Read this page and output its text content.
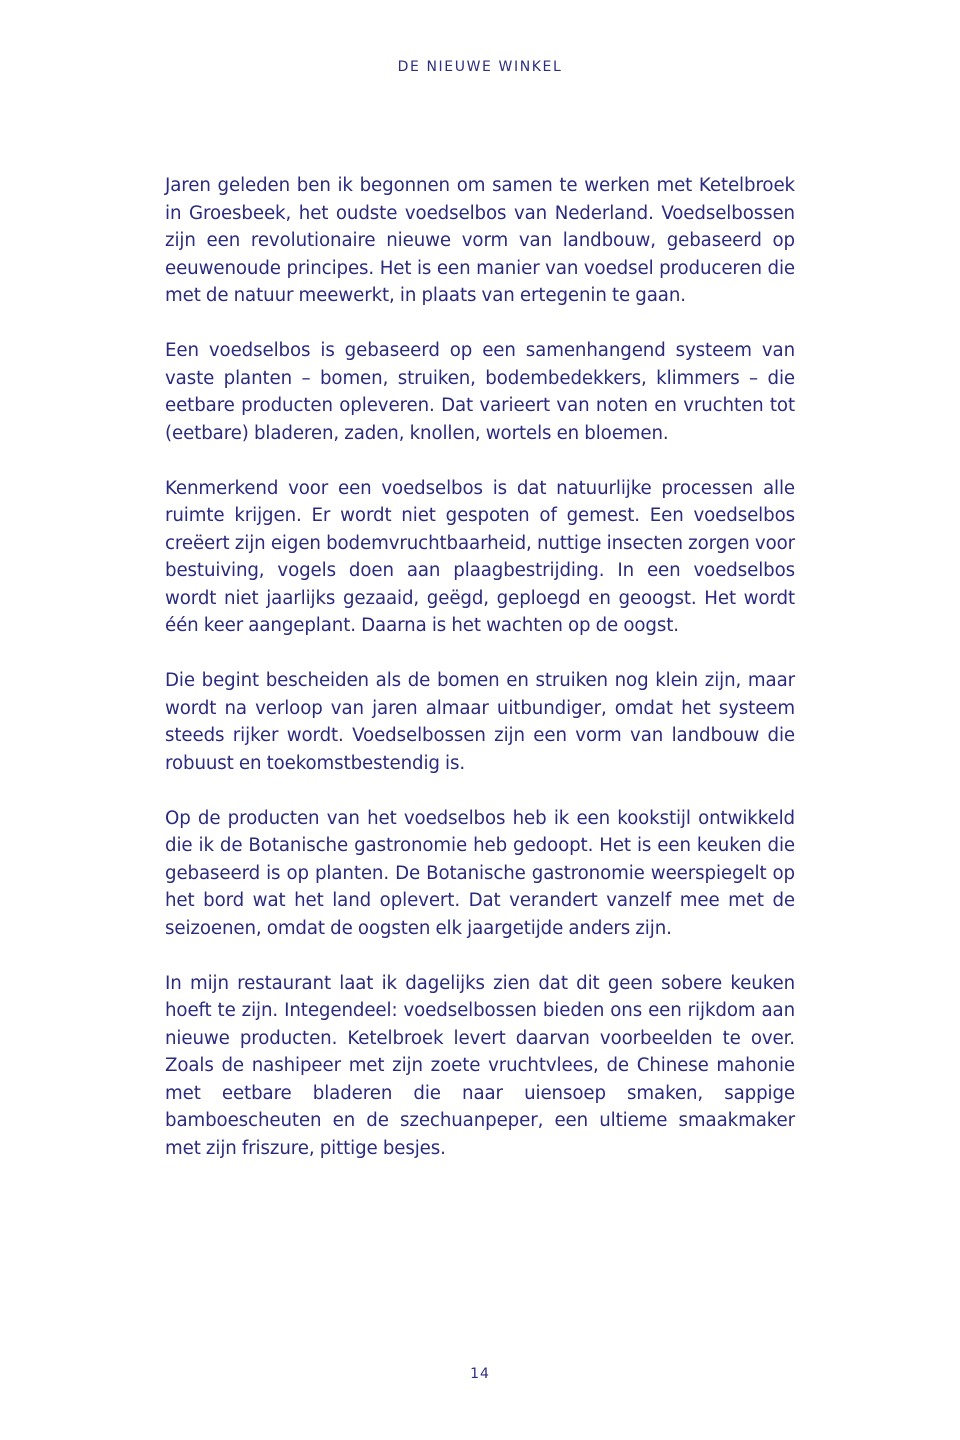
DE NIEUWE WINKEL

Jaren geleden ben ik begonnen om samen te werken met Ketelbroek in Groesbeek, het oudste voedselbos van Nederland. Voedselbossen zijn een revolutionaire nieuwe vorm van landbouw, gebaseerd op eeuwenoude principes. Het is een manier van voedsel produceren die met de natuur meewerkt, in plaats van ertegenin te gaan.

Een voedselbos is gebaseerd op een samenhangend systeem van vaste planten – bomen, struiken, bodembedekkers, klimmers – die eetbare producten opleveren. Dat varieert van noten en vruchten tot (eetbare) bladeren, zaden, knollen, wortels en bloemen.

Kenmerkend voor een voedselbos is dat natuurlijke processen alle ruimte krijgen. Er wordt niet gespoten of gemest. Een voedselbos creëert zijn eigen bodemvruchtbaarheid, nuttige insecten zorgen voor bestuiving, vogels doen aan plaagbestrijding. In een voedselbos wordt niet jaarlijks gezaaid, geëgd, geploegd en geoogst. Het wordt één keer aangeplant. Daarna is het wachten op de oogst.

Die begint bescheiden als de bomen en struiken nog klein zijn, maar wordt na verloop van jaren almaar uitbundiger, omdat het systeem steeds rijker wordt. Voedselbossen zijn een vorm van landbouw die robuust en toekomstbestendig is.

Op de producten van het voedselbos heb ik een kookstijl ontwikkeld die ik de Botanische gastronomie heb gedoopt. Het is een keuken die gebaseerd is op planten. De Botanische gastronomie weerspiegelt op het bord wat het land oplevert. Dat verandert vanzelf mee met de seizoenen, omdat de oogsten elk jaargetijde anders zijn.

In mijn restaurant laat ik dagelijks zien dat dit geen sobere keuken hoeft te zijn. Integendeel: voedselbossen bieden ons een rijkdom aan nieuwe producten. Ketelbroek levert daarvan voorbeelden te over. Zoals de nashipeer met zijn zoete vruchtvlees, de Chinese mahonie met eetbare bladeren die naar uiensoep smaken, sappige bamboescheuten en de szechuanpeper, een ultieme smaakmaker met zijn friszure, pittige besjes.

14
